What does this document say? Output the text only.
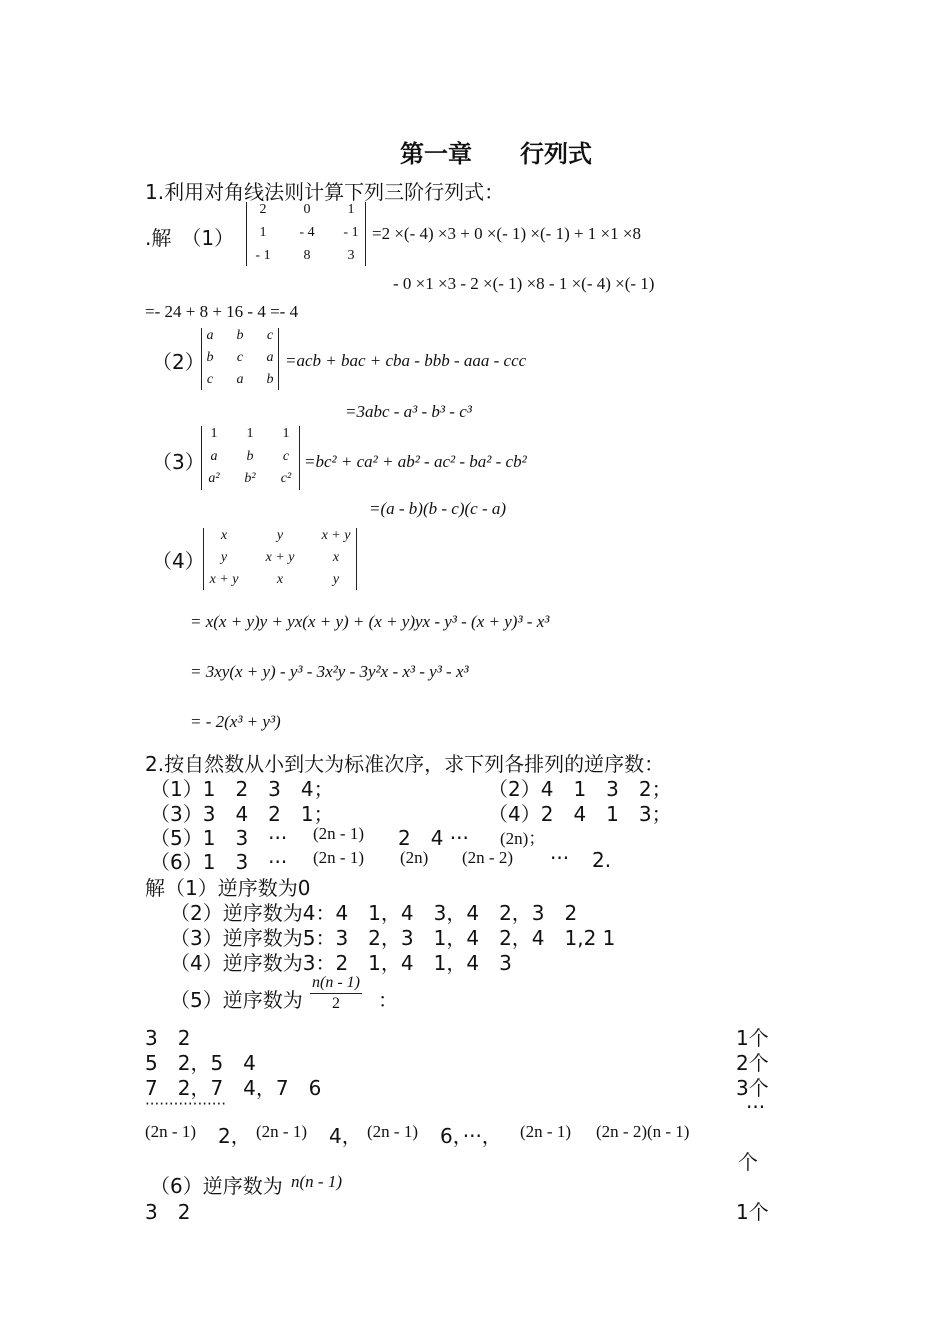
第一章　　行列式
1.利用对角线法则计算下列三阶行列式：
.解　（1）
2	0	1
1	- 4	- 1
- 1	8	3
=2 ×(- 4) ×3 + 0 ×(- 1) ×(- 1) + 1 ×1 ×8
- 0 ×1 ×3 - 2 ×(- 1) ×8 - 1 ×(- 4) ×(- 1)
=- 24 + 8 + 16 - 4 =- 4
（2）
a	b	c
b	c	a
c	a	b
=acb + bac + cba - bbb - aaa - ccc
=3abc - a³ - b³ - c³
（3）
1	1	1
a	b	c
a²	b²	c²
=bc² + ca² + ab² - ac² - ba² - cb²
=(a - b)(b - c)(c - a)
（4）
x	y	x + y
y	x + y	x
x + y	x	y
= x(x + y)y + yx(x + y) + (x + y)yx - y³ - (x + y)³ - x³
= 3xy(x + y) - y³ - 3x²y - 3y²x - x³ - y³ - x³
= - 2(x³ + y³)
2.按自然数从小到大为标准次序，求下列各排列的逆序数：
（1）1　2　3　4；	（2）4　1　3　2；
（3）3　4　2　1；	（4）2　4　1　3；
（5）1　3　··· (2n - 1) 2　4 ··· (2n)；
（6）1　3　··· (2n - 1) (2n) (2n - 2) ··· 2.
解（1）逆序数为0
（2）逆序数为4：4　1，4　3，4　2，3　2
（3）逆序数为5：3　2，3　1，4　2，4　1,2 1
（4）逆序数为3：2　1，4　1，4　3
（5）逆序数为 $\frac{n(n - 1)}{2}$ ：
3　2	1个
5　2，5　4	2个
7　2，7　4，7　6	3个
·················	···
(2n - 1) 2， (2n - 1) 4， (2n - 1) 6，···， (2n - 1) (2n - 2)(n - 1)
个
（6）逆序数为 n(n - 1)
3　2	1个
